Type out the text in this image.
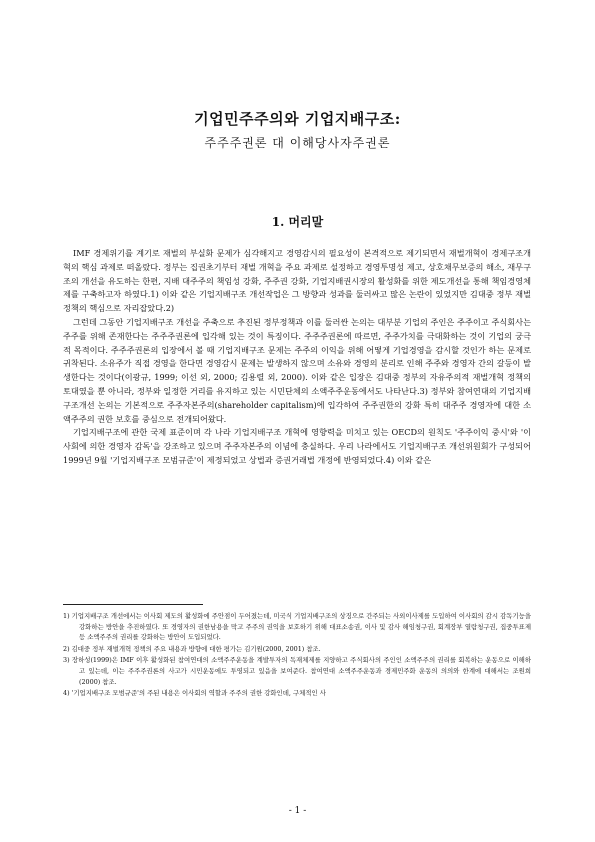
기업민주주의와 기업지배구조:
주주주권론 대 이해당사자주권론
1. 머리말

IMF 경제위기를 계기로 재벌의 부실화 문제가 심각해지고 경영감시의 필요성이 본격적으로 제기되면서 재벌개혁이 경제구조개혁의 핵심 과제로 떠올랐다. 정부는 집권초기부터 재벌 개혁을 주요 과제로 설정하고 경영투명성 제고, 상호채무보증의 해소, 재무구조의 개선을 유도하는 한편, 지배 대주주의 책임성 강화, 주주권 강화, 기업지배권시장의 활성화를 위한 제도개선을 통해 책임경영체제를 구축하고자 하였다.1) 이와 같은 기업지배구조 개선작업은 그 방향과 성과를 둘러싸고 많은 논란이 있었지만 김대중 정부 재벌정책의 핵심으로 자리잡았다.2)

그런데 그동안 기업지배구조 개선을 주축으로 추진된 정부정책과 이를 둘러싼 논의는 대부분 기업의 주인은 주주이고 주식회사는 주주를 위해 존재한다는 주주주권론에 입각해 있는 것이 특징이다. 주주주권론에 따르면, 주주가치를 극대화하는 것이 기업의 궁극적 목적이다. 주주주권론의 입장에서 볼 때 기업지배구조 문제는 주주의 이익을 위해 어떻게 기업경영을 감시할 것인가 하는 문제로 귀착된다. 소유주가 직접 경영을 한다면 경영감시 문제는 발생하지 않으며 소유와 경영의 분리로 인해 주주와 경영자 간의 갈등이 발생한다는 것이다(이광규, 1999; 이선 외, 2000; 김용렬 외, 2000). 이와 같은 입장은 김대중 정부의 자유주의적 재벌개혁 정책의 토대였을 뿐 아니라, 정부와 일정한 거리를 유지하고 있는 시민단체의 소액주주운동에서도 나타난다.3) 정부와 참여연대의 기업지배구조개선 논의는 기본적으로 주주자본주의(shareholder capitalism)에 입각하여 주주권한의 강화 특히 대주주 경영자에 대한 소액주주의 권한 보호를 중심으로 전개되어왔다.

기업지배구조에 관한 국제 표준이며 각 나라 기업지배구조 개혁에 영향력을 미치고 있는 OECD의 원칙도 '주주이익 중시'와 '이사회에 의한 경영자 감독'을 강조하고 있으며 주주자본주의 이념에 충실하다. 우리 나라에서도 기업지배구조 개선위원회가 구성되어 1999년 9월 '기업지배구조 모범규준'이 제정되었고 상법과 증권거래법 개정에 반영되었다.4) 이와 같은

1) 기업지배구조 개선에서는 이사회 제도의 활성화에 주안점이 두어졌는데, 미국식 기업지배구조의 상징으로 간주되는 사외이사제를 도입하여 이사회의 감시 감독기능을 강화하는 방안을 추진하였다. 또 경영자의 권한남용을 막고 주주의 권익을 보호하기 위해 대표소송권, 이사 및 감사 해임청구권, 회계장부 열람청구권, 집중투표제 등 소액주주의 권리를 강화하는 방안이 도입되었다.

2) 김대중 정부 재벌개혁 정책의 주요 내용과 방향에 대한 평가는 김기원(2000, 2001) 참조.

3) 장하성(1999)은 IMF 이후 활성화된 참여연대의 소액주주운동을 계발투자의 독재체제를 지양하고 주식회사의 주인인 소액주주의 권리를 회복하는 운동으로 이해하고 있는데, 이는 주주주권론의 사고가 시민운동에도 투영되고 있음을 보여준다. 참여연대 소액주주운동과 경제민주화 운동의 의의와 한계에 대해서는 조원희(2000) 참조.

4) '기업지배구조 모범규준'의 주된 내용은 이사회의 역할과 주주의 권한 강화인데, 구체적인 사

- 1 -
